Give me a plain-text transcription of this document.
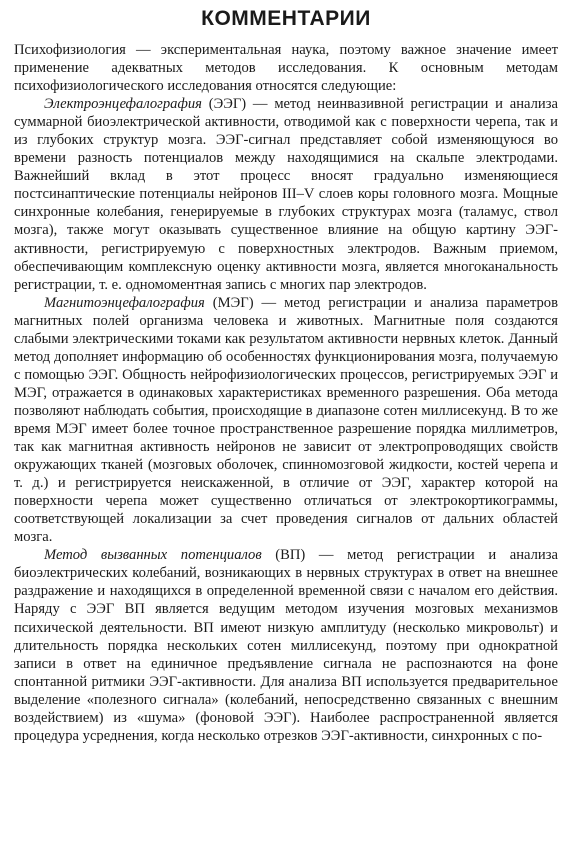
КОММЕНТАРИИ

Психофизиология — экспериментальная наука, поэтому важное значение имеет применение адекватных методов исследования. К основным методам психофизиологического исследования относятся следующие:

Электроэнцефалография (ЭЭГ) — метод неинвазивной регистрации и анализа суммарной биоэлектрической активности, отводимой как с поверхности черепа, так и из глубоких структур мозга. ЭЭГ-сигнал представляет собой изменяющуюся во времени разность потенциалов между находящимися на скальпе электродами. Важнейший вклад в этот процесс вносят градуально изменяющиеся постсинаптические потенциалы нейронов III–V слоев коры головного мозга. Мощные синхронные колебания, генерируемые в глубоких структурах мозга (таламус, ствол мозга), также могут оказывать существенное влияние на общую картину ЭЭГ-активности, регистрируемую с поверхностных электродов. Важным приемом, обеспечивающим комплексную оценку активности мозга, является многоканальность регистрации, т. е. одномоментная запись с многих пар электродов.

Магнитоэнцефалография (МЭГ) — метод регистрации и анализа параметров магнитных полей организма человека и животных. Магнитные поля создаются слабыми электрическими токами как результатом активности нервных клеток. Данный метод дополняет информацию об особенностях функционирования мозга, получаемую с помощью ЭЭГ. Общность нейрофизиологических процессов, регистрируемых ЭЭГ и МЭГ, отражается в одинаковых характеристиках временного разрешения. Оба метода позволяют наблюдать события, происходящие в диапазоне сотен миллисекунд. В то же время МЭГ имеет более точное пространственное разрешение порядка миллиметров, так как магнитная активность нейронов не зависит от электропроводящих свойств окружающих тканей (мозговых оболочек, спинномозговой жидкости, костей черепа и т. д.) и регистрируется неискаженной, в отличие от ЭЭГ, характер которой на поверхности черепа может существенно отличаться от электрокортикограммы, соответствующей локализации за счет проведения сигналов от дальних областей мозга.

Метод вызванных потенциалов (ВП) — метод регистрации и анализа биоэлектрических колебаний, возникающих в нервных структурах в ответ на внешнее раздражение и находящихся в определенной временной связи с началом его действия. Наряду с ЭЭГ ВП является ведущим методом изучения мозговых механизмов психической деятельности. ВП имеют низкую амплитуду (несколько микровольт) и длительность порядка нескольких сотен миллисекунд, поэтому при однократной записи в ответ на единичное предъявление сигнала не распознаются на фоне спонтанной ритмики ЭЭГ-активности. Для анализа ВП используется предварительное выделение «полезного сигнала» (колебаний, непосредственно связанных с внешним воздействием) из «шума» (фоновой ЭЭГ). Наиболее распространенной является процедура усреднения, когда несколько отрезков ЭЭГ-активности, синхронных с по-
